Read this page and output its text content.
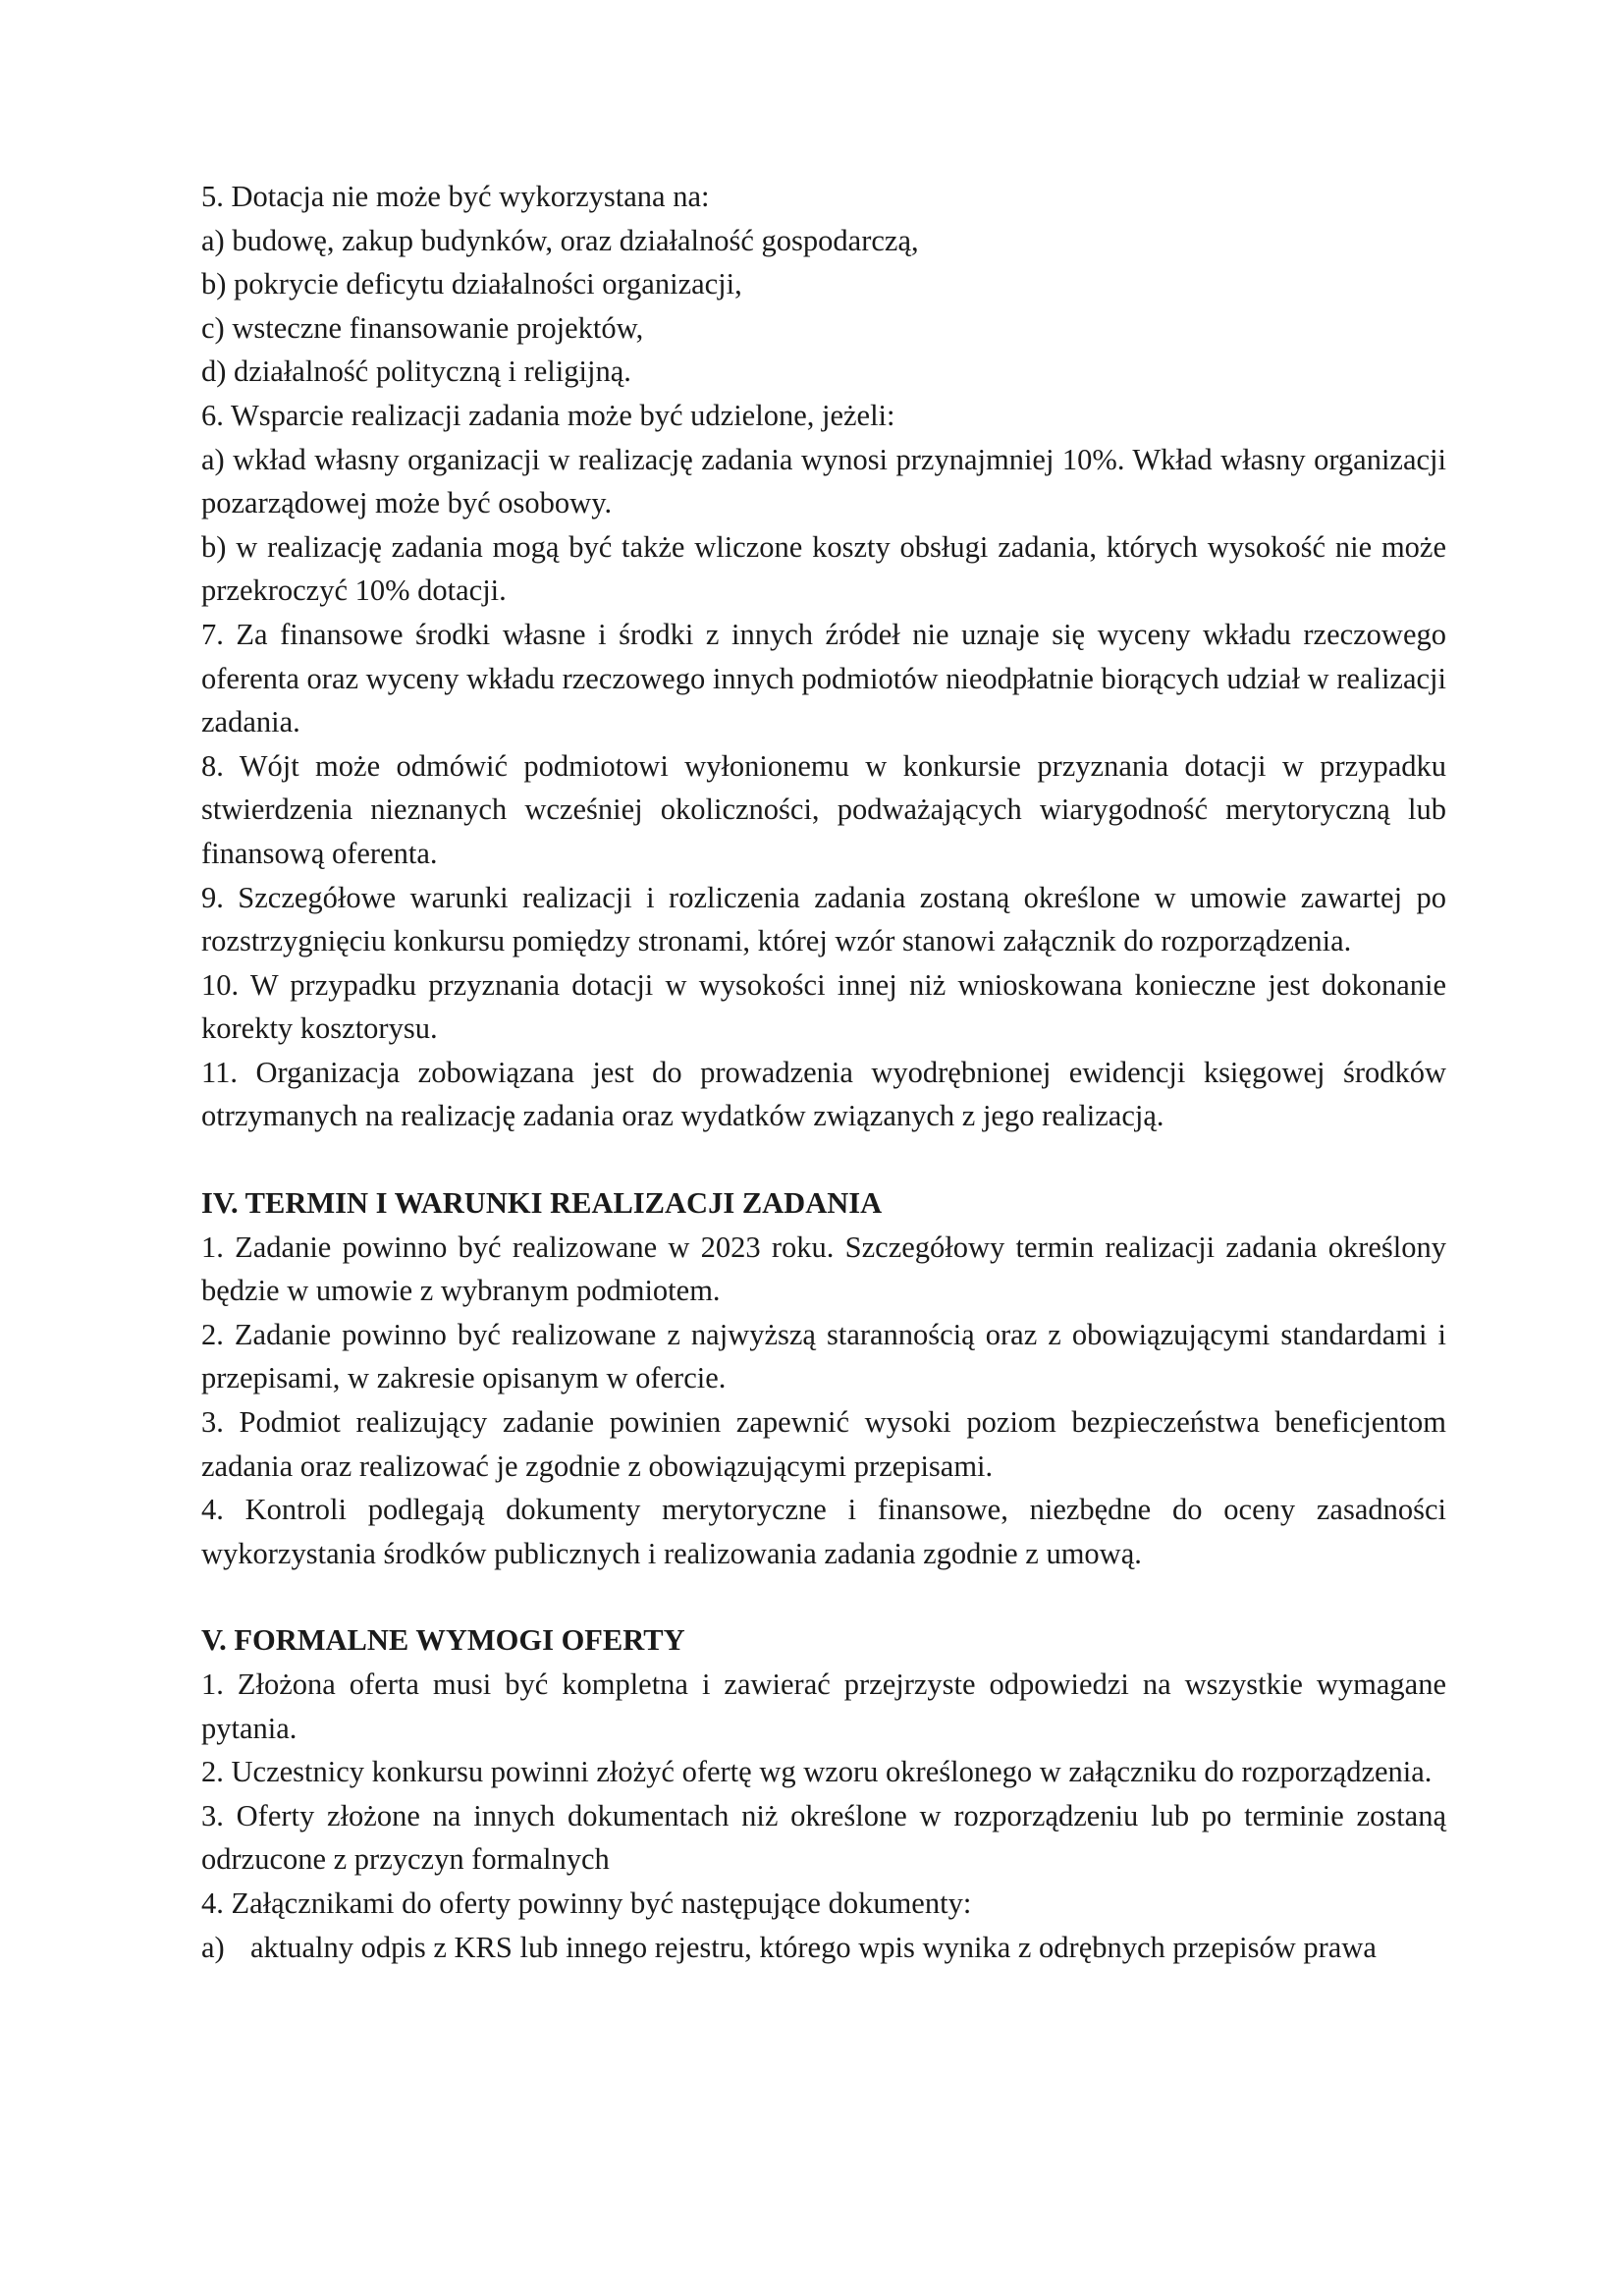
5. Dotacja nie może być wykorzystana na:

a) budowę, zakup budynków, oraz działalność gospodarczą,

b) pokrycie deficytu działalności organizacji,

c) wsteczne finansowanie projektów,

d) działalność polityczną i religijną.

6. Wsparcie realizacji zadania może być udzielone, jeżeli:

a) wkład własny organizacji w realizację zadania wynosi przynajmniej 10%. Wkład własny organizacji pozarządowej może być osobowy.

b) w realizację zadania mogą być także wliczone koszty obsługi zadania, których wysokość nie może przekroczyć 10% dotacji.

7. Za finansowe środki własne i środki z innych źródeł nie uznaje się wyceny wkładu rzeczowego oferenta oraz wyceny wkładu rzeczowego innych podmiotów nieodpłatnie biorących udział w realizacji zadania.

8. Wójt może odmówić podmiotowi wyłonionemu w konkursie przyznania dotacji w przypadku stwierdzenia nieznanych wcześniej okoliczności, podważających wiarygodność merytoryczną lub finansową oferenta.

9. Szczegółowe warunki realizacji i rozliczenia zadania zostaną określone w umowie zawartej po rozstrzygnięciu konkursu pomiędzy stronami, której wzór stanowi załącznik do rozporządzenia.

10. W przypadku przyznania dotacji w wysokości innej niż wnioskowana konieczne jest dokonanie korekty kosztorysu.

11. Organizacja zobowiązana jest do prowadzenia wyodrębnionej ewidencji księgowej środków otrzymanych na realizację zadania oraz wydatków związanych z jego realizacją.

IV. TERMIN I WARUNKI REALIZACJI ZADANIA

1. Zadanie powinno być realizowane w 2023 roku. Szczegółowy termin realizacji zadania określony będzie w umowie z wybranym podmiotem.

2. Zadanie powinno być realizowane z najwyższą starannością oraz z obowiązującymi standardami i przepisami, w zakresie opisanym w ofercie.

3. Podmiot realizujący zadanie powinien zapewnić wysoki poziom bezpieczeństwa beneficjentom zadania oraz realizować je zgodnie z obowiązującymi przepisami.

4. Kontroli podlegają dokumenty merytoryczne i finansowe, niezbędne do oceny zasadności wykorzystania środków publicznych i realizowania zadania zgodnie z umową.

V. FORMALNE WYMOGI OFERTY

1. Złożona oferta musi być kompletna i zawierać przejrzyste odpowiedzi na wszystkie wymagane pytania.

2. Uczestnicy konkursu powinni złożyć ofertę wg wzoru określonego w załączniku do rozporządzenia.

3. Oferty złożone na innych dokumentach niż określone w rozporządzeniu lub po terminie zostaną odrzucone z przyczyn formalnych

4. Załącznikami do oferty powinny być następujące dokumenty:

a) aktualny odpis z KRS lub innego rejestru, którego wpis wynika z odrębnych przepisów prawa
